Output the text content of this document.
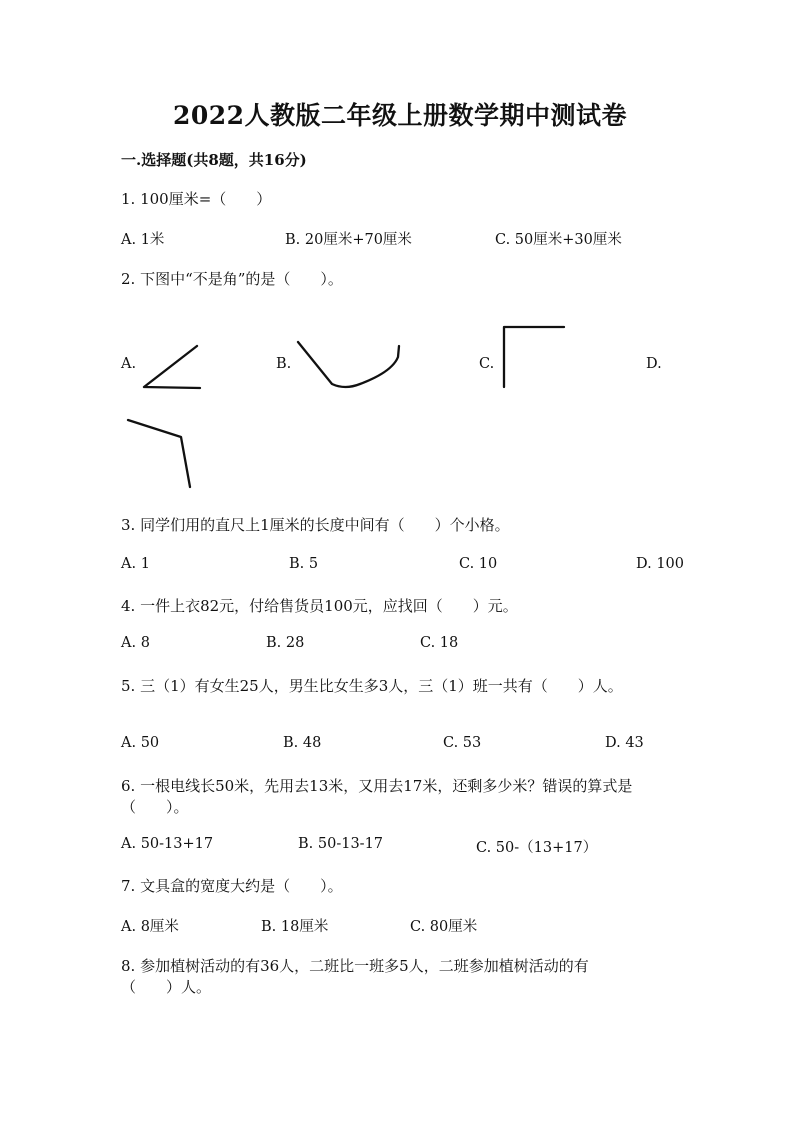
2022人教版二年级上册数学期中测试卷
一.选择题(共8题，共16分)
1. 100厘米=（　　）
A. 1米	B. 20厘米+70厘米	C. 50厘米+30厘米
2. 下图中“不是角”的是（　　）。
A.	B.	C.	D.
3. 同学们用的直尺上1厘米的长度中间有（　　）个小格。
A. 1	B. 5	C. 10	D. 100
4. 一件上衣82元，付给售货员100元，应找回（　　）元。
A. 8	B. 28	C. 18
5. 三（1）有女生25人，男生比女生多3人，三（1）班一共有（　　）人。
A. 50	B. 48	C. 53	D. 43
6. 一根电线长50米，先用去13米，又用去17米，还剩多少米？错误的算式是
（　　）。
A. 50-13+17	B. 50-13-17	C. 50-（13+17）
7. 文具盒的宽度大约是（　　）。
A. 8厘米	B. 18厘米	C. 80厘米
8. 参加植树活动的有36人，二班比一班多5人，二班参加植树活动的有
（　　）人。
